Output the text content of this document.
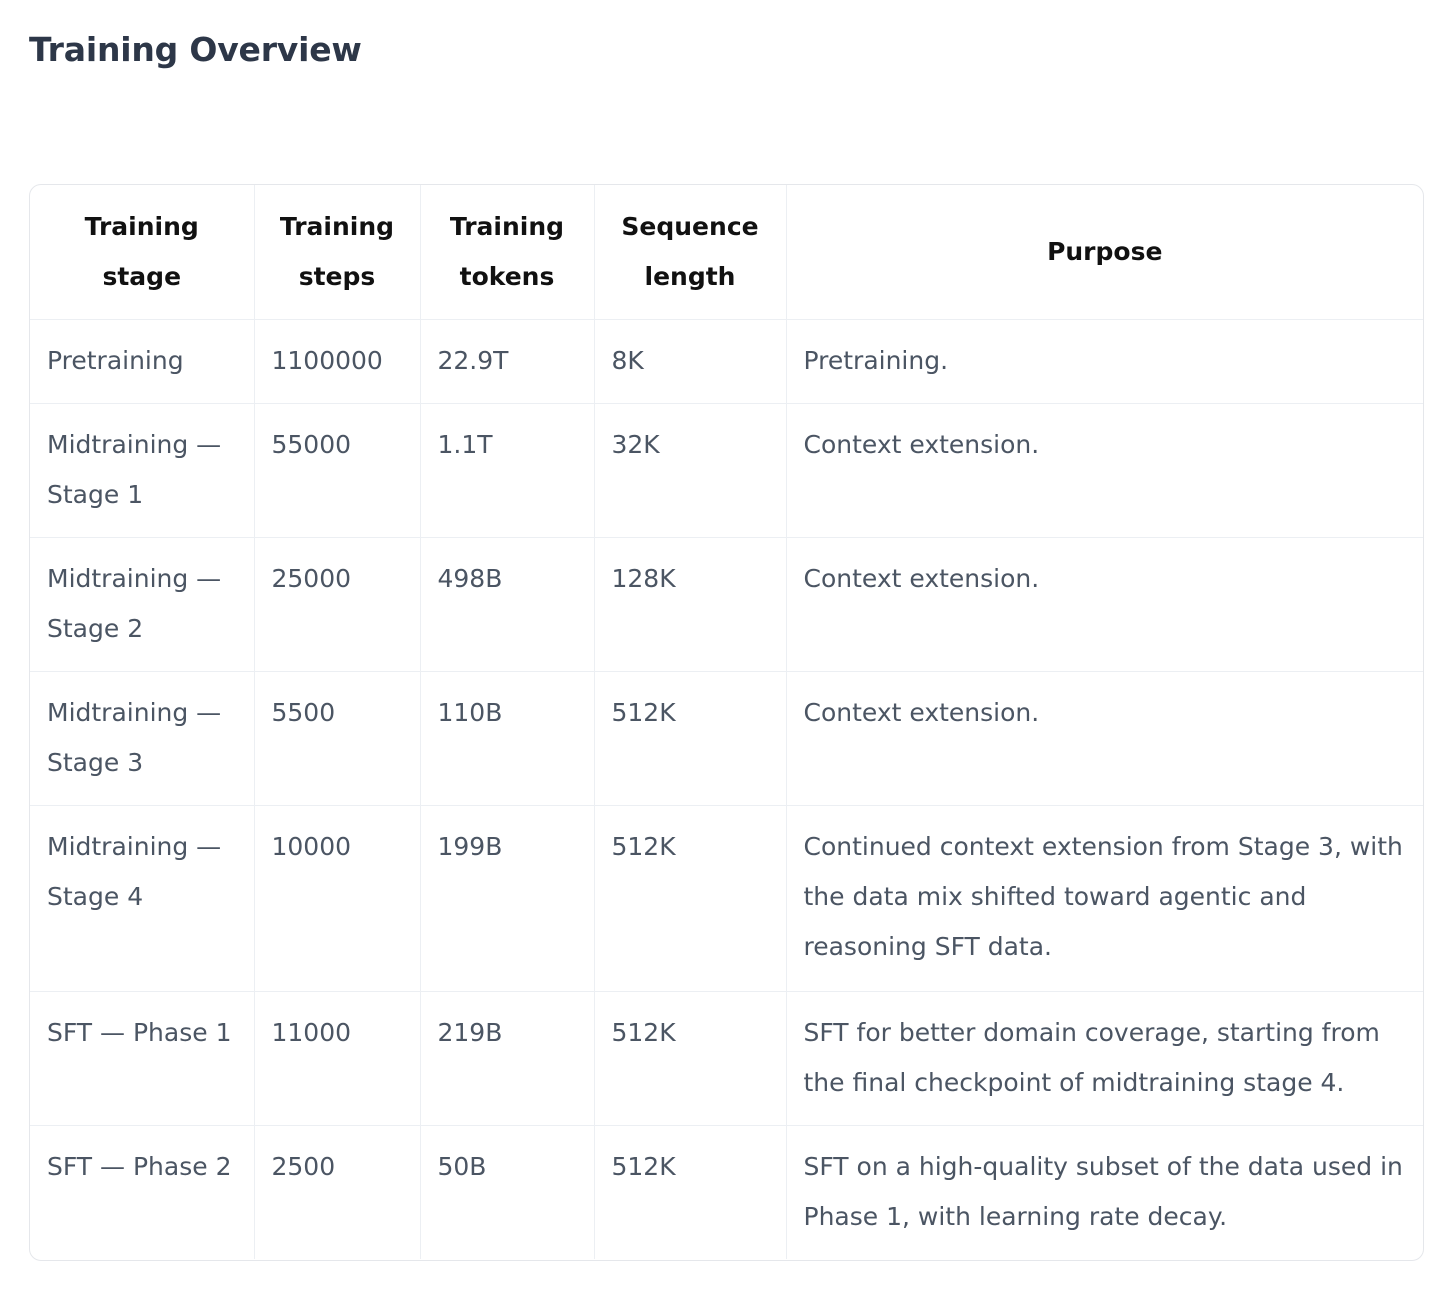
Training Overview
Training stage	Training steps	Training tokens	Sequence length	Purpose
Pretraining	1100000	22.9T	8K	Pretraining.
Midtraining — Stage 1	55000	1.1T	32K	Context extension.
Midtraining — Stage 2	25000	498B	128K	Context extension.
Midtraining — Stage 3	5500	110B	512K	Context extension.
Midtraining — Stage 4	10000	199B	512K	Continued context extension from Stage 3, with the data mix shifted toward agentic and reasoning SFT data.
SFT — Phase 1	11000	219B	512K	SFT for better domain coverage, starting from the final checkpoint of midtraining stage 4.
SFT — Phase 2	2500	50B	512K	SFT on a high-quality subset of the data used in Phase 1, with learning rate decay.
